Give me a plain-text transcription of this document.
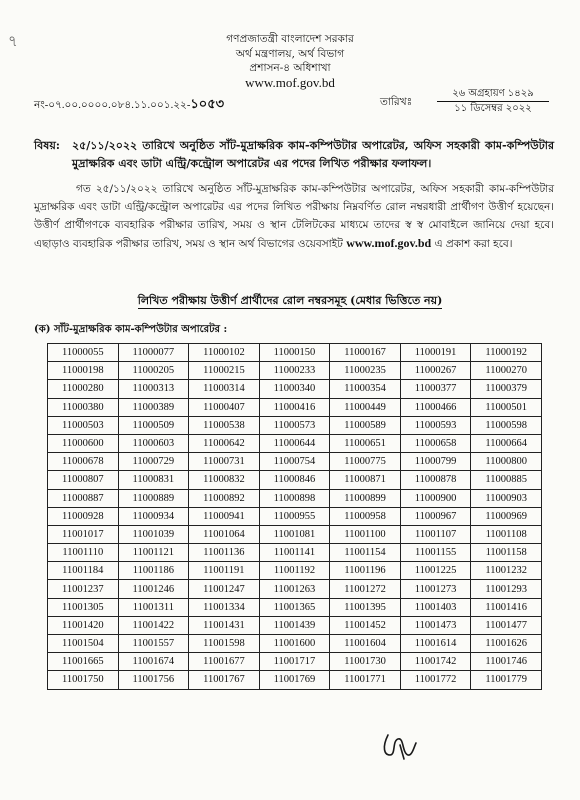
৭	গণপ্রজাতন্ত্রী বাংলাদেশ সরকার
অর্থ মন্ত্রণালয়, অর্থ বিভাগ
প্রশাসন-৪ অধিশাখা
www.mof.gov.bd
নং-০৭.০০.০০০০.০৮৪.১১.০০১.২২-১০৫৩	তারিখঃ
২৬ অগ্রহায়ণ ১৪২৯
১১ ডিসেম্বর ২০২২
বিষয়: ২৫/১১/২০২২ তারিখে অনুষ্ঠিত সাঁট-মুদ্রাক্ষরিক কাম-কম্পিউটার অপারেটর, অফিস সহকারী কাম-কম্পিউটার মুদ্রাক্ষরিক এবং ডাটা এন্ট্রি/কন্ট্রোল অপারেটর এর পদের লিখিত পরীক্ষার ফলাফল।
গত ২৫/১১/২০২২ তারিখে অনুষ্ঠিত সাঁট-মুদ্রাক্ষরিক কাম-কম্পিউটার অপারেটর, অফিস সহকারী কাম-কম্পিউটার মুদ্রাক্ষরিক এবং ডাটা এন্ট্রি/কন্ট্রোল অপারেটর এর পদের লিখিত পরীক্ষায় নিম্নবর্ণিত রোল নম্বরধারী প্রার্থীগণ উত্তীর্ণ হয়েছেন। উত্তীর্ণ প্রার্থীগণকে ব্যবহারিক পরীক্ষার তারিখ, সময় ও স্থান টেলিটকের মাধ্যমে তাদের স্ব স্ব মোবাইলে জানিয়ে দেয়া হবে। এছাড়াও ব্যবহারিক পরীক্ষার তারিখ, সময় ও স্থান অর্থ বিভাগের ওয়েবসাইট www.mof.gov.bd এ প্রকাশ করা হবে।
লিখিত পরীক্ষায় উত্তীর্ণ প্রার্থীদের রোল নম্বরসমূহ (মেধার ভিত্তিতে নয়)
(ক) সাঁট-মুদ্রাক্ষরিক কাম-কম্পিউটার অপারেটর :
11000055	11000077	11000102	11000150	11000167	11000191	11000192
11000198	11000205	11000215	11000233	11000235	11000267	11000270
11000280	11000313	11000314	11000340	11000354	11000377	11000379
11000380	11000389	11000407	11000416	11000449	11000466	11000501
11000503	11000509	11000538	11000573	11000589	11000593	11000598
11000600	11000603	11000642	11000644	11000651	11000658	11000664
11000678	11000729	11000731	11000754	11000775	11000799	11000800
11000807	11000831	11000832	11000846	11000871	11000878	11000885
11000887	11000889	11000892	11000898	11000899	11000900	11000903
11000928	11000934	11000941	11000955	11000958	11000967	11000969
11001017	11001039	11001064	11001081	11001100	11001107	11001108
11001110	11001121	11001136	11001141	11001154	11001155	11001158
11001184	11001186	11001191	11001192	11001196	11001225	11001232
11001237	11001246	11001247	11001263	11001272	11001273	11001293
11001305	11001311	11001334	11001365	11001395	11001403	11001416
11001420	11001422	11001431	11001439	11001452	11001473	11001477
11001504	11001557	11001598	11001600	11001604	11001614	11001626
11001665	11001674	11001677	11001717	11001730	11001742	11001746
11001750	11001756	11001767	11001769	11001771	11001772	11001779
